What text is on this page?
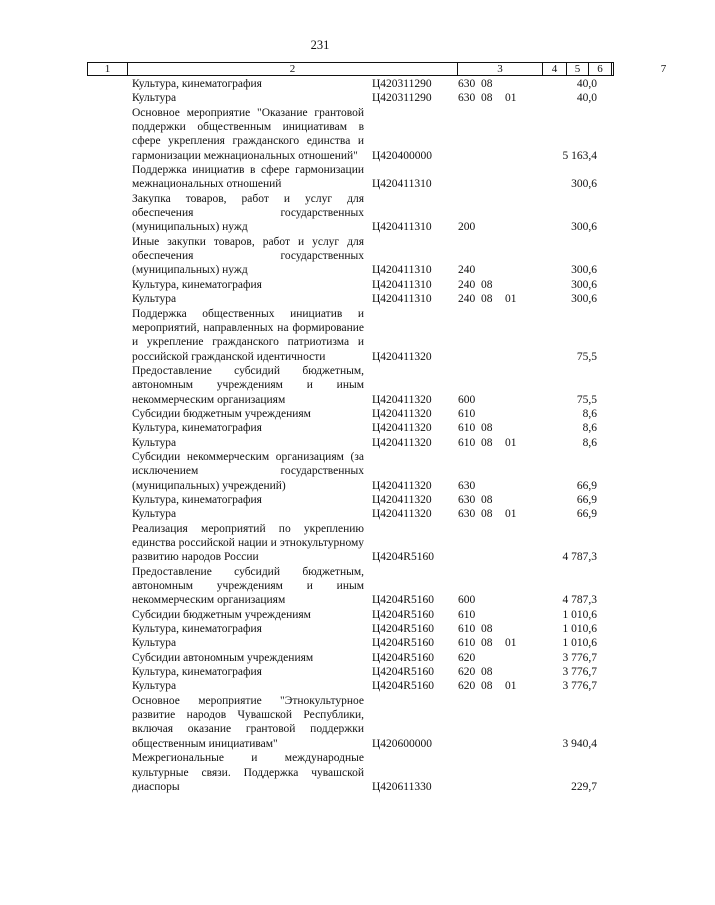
231
1	2	3	4	5	6	7
Культура, кинематография	Ц420311290 630 08	40,0
Культура	Ц420311290 630 08 01	40,0
Основное мероприятие "Оказание грантовой поддержки общественным инициативам в сфере укрепления гражданского единства и гармонизации межнациональных отношений"	Ц420400000	5 163,4
Поддержка инициатив в сфере гармонизации межнациональных отношений	Ц420411310	300,6
Закупка товаров, работ и услуг для обеспечения государственных (муниципальных) нужд	Ц420411310 200	300,6
Иные закупки товаров, работ и услуг для обеспечения государственных (муниципальных) нужд	Ц420411310 240	300,6
Культура, кинематография	Ц420411310 240 08	300,6
Культура	Ц420411310 240 08 01	300,6
Поддержка общественных инициатив и мероприятий, направленных на формирование и укрепление гражданского патриотизма и российской гражданской идентичности	Ц420411320	75,5
Предоставление субсидий бюджетным, автономным учреждениям и иным некоммерческим организациям	Ц420411320 600	75,5
Субсидии бюджетным учреждениям	Ц420411320 610	8,6
Культура, кинематография	Ц420411320 610 08	8,6
Культура	Ц420411320 610 08 01	8,6
Субсидии некоммерческим организациям (за исключением государственных (муниципальных) учреждений)	Ц420411320 630	66,9
Культура, кинематография	Ц420411320 630 08	66,9
Культура	Ц420411320 630 08 01	66,9
Реализация мероприятий по укреплению единства российской нации и этнокультурному развитию народов России	Ц4204R5160	4 787,3
Предоставление субсидий бюджетным, автономным учреждениям и иным некоммерческим организациям	Ц4204R5160 600	4 787,3
Субсидии бюджетным учреждениям	Ц4204R5160 610	1 010,6
Культура, кинематография	Ц4204R5160 610 08	1 010,6
Культура	Ц4204R5160 610 08 01	1 010,6
Субсидии автономным учреждениям	Ц4204R5160 620	3 776,7
Культура, кинематография	Ц4204R5160 620 08	3 776,7
Культура	Ц4204R5160 620 08 01	3 776,7
Основное мероприятие "Этнокультурное развитие народов Чувашской Республики, включая оказание грантовой поддержки общественным инициативам"	Ц420600000	3 940,4
Межрегиональные и международные культурные связи. Поддержка чувашской диаспоры	Ц420611330	229,7
